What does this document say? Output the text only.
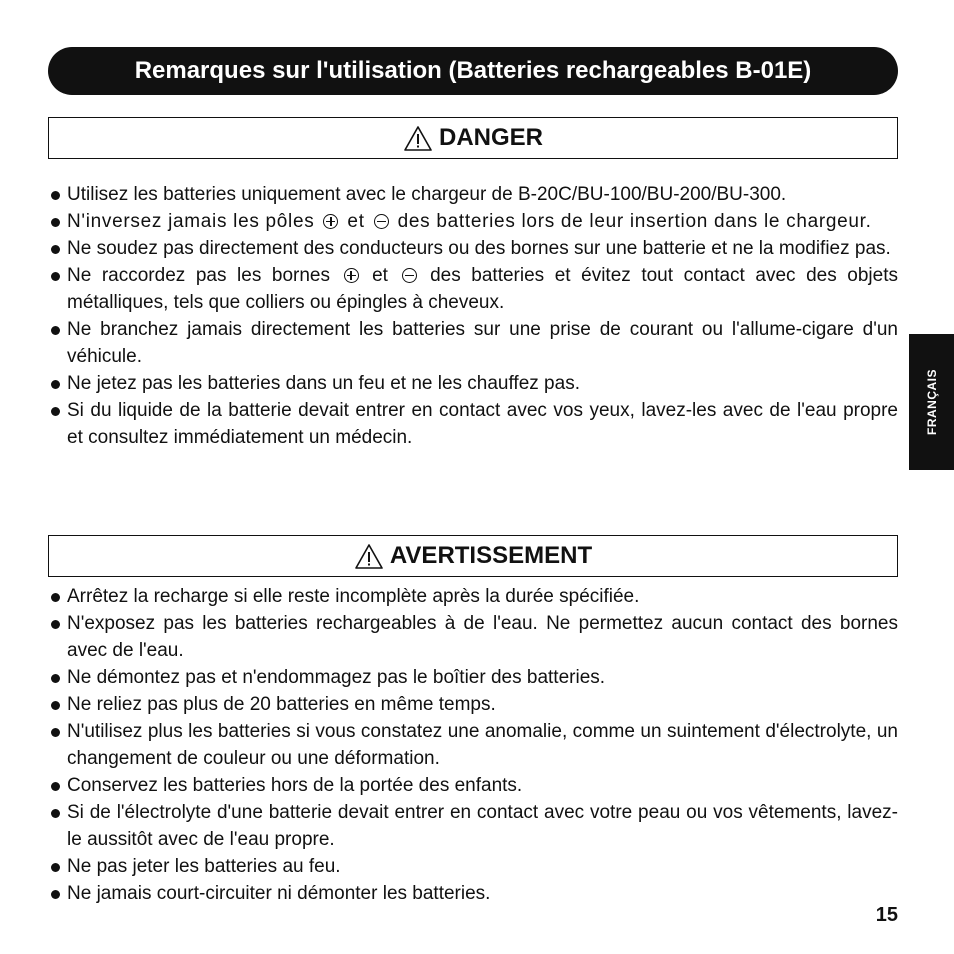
Remarques sur l'utilisation (Batteries rechargeables B-01E)
DANGER
Utilisez les batteries uniquement avec le chargeur de B-20C/BU-100/BU-200/BU-300.
N'inversez jamais les pôles et des batteries lors de leur insertion dans le chargeur.
Ne soudez pas directement des conducteurs ou des bornes sur une batterie et ne la modifiez pas.
Ne raccordez pas les bornes et des batteries et évitez tout contact avec des objets métalliques, tels que colliers ou épingles à cheveux.
Ne branchez jamais directement les batteries sur une prise de courant ou l'allume-cigare d'un véhicule.
Ne jetez pas les batteries dans un feu et ne les chauffez pas.
Si du liquide de la batterie devait entrer en contact avec vos yeux, lavez-les avec de l'eau propre et consultez immédiatement un médecin.
AVERTISSEMENT
Arrêtez la recharge si elle reste incomplète après la durée spécifiée.
N'exposez pas les batteries rechargeables à de l'eau. Ne permettez aucun contact des bornes avec de l'eau.
Ne démontez pas et n'endommagez pas le boîtier des batteries.
Ne reliez pas plus de 20 batteries en même temps.
N'utilisez plus les batteries si vous constatez une anomalie, comme un suintement d'électrolyte, un changement de couleur ou une déformation.
Conservez les batteries hors de la portée des enfants.
Si de l'électrolyte d'une batterie devait entrer en contact avec votre peau ou vos vêtements, lavez-le aussitôt avec de l'eau propre.
Ne pas jeter les batteries au feu.
Ne jamais court-circuiter ni démonter les batteries.
FRANÇAIS
15
